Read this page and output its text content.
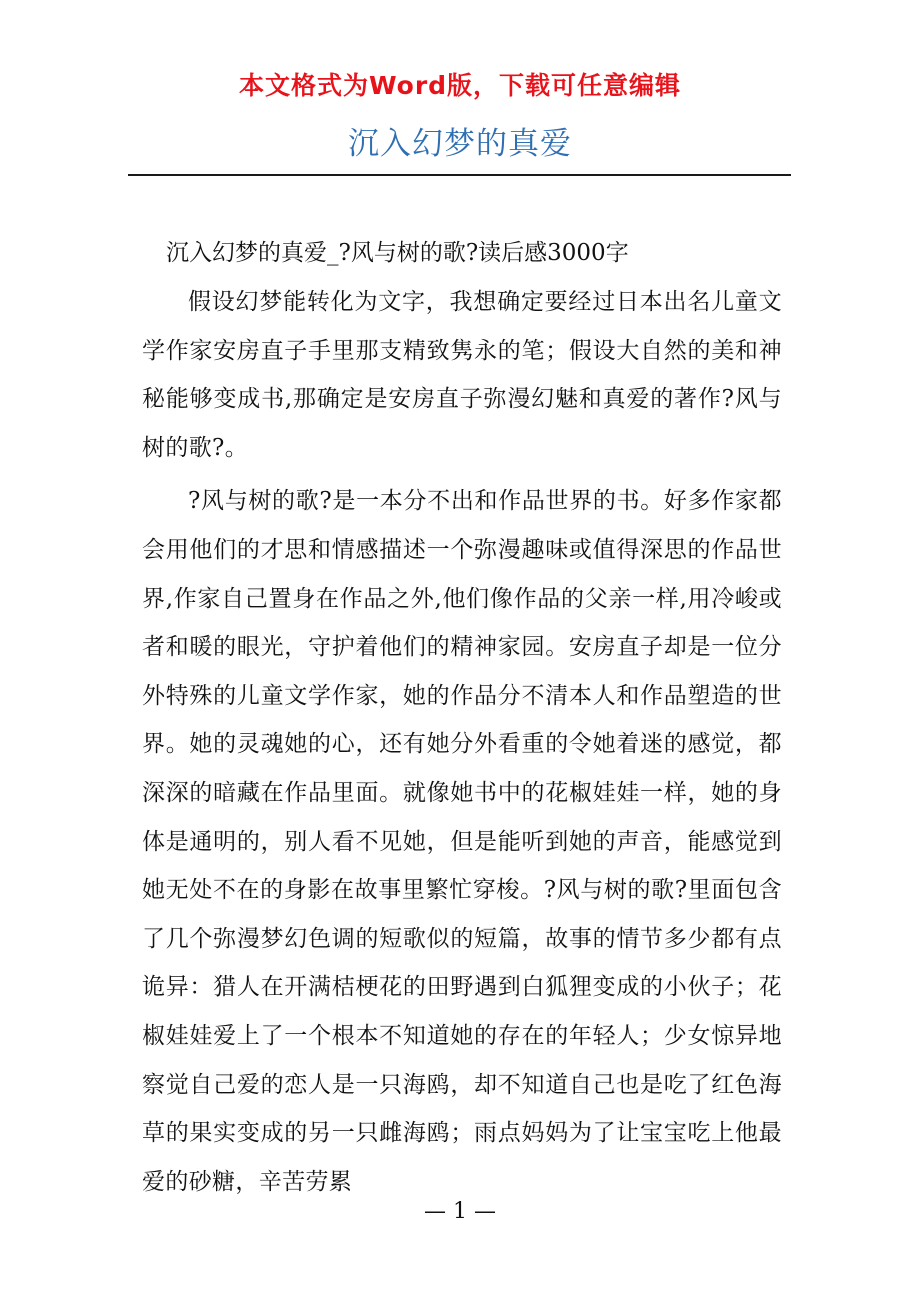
本文格式为Word版，下载可任意编辑
沉入幻梦的真爱

沉入幻梦的真爱_?风与树的歌?读后感3000字

假设幻梦能转化为文字，我想确定要经过日本出名儿童文学作家安房直子手里那支精致隽永的笔；假设大自然的美和神秘能够变成书,那确定是安房直子弥漫幻魅和真爱的著作?风与树的歌?。

?风与树的歌?是一本分不出和作品世界的书。好多作家都会用他们的才思和情感描述一个弥漫趣味或值得深思的作品世界,作家自己置身在作品之外,他们像作品的父亲一样,用冷峻或者和暖的眼光，守护着他们的精神家园。安房直子却是一位分外特殊的儿童文学作家，她的作品分不清本人和作品塑造的世界。她的灵魂她的心，还有她分外看重的令她着迷的感觉，都深深的暗藏在作品里面。就像她书中的花椒娃娃一样，她的身体是通明的，别人看不见她，但是能听到她的声音，能感觉到她无处不在的身影在故事里繁忙穿梭。?风与树的歌?里面包含了几个弥漫梦幻色调的短歌似的短篇，故事的情节多少都有点诡异：猎人在开满桔梗花的田野遇到白狐狸变成的小伙子；花椒娃娃爱上了一个根本不知道她的存在的年轻人；少女惊异地察觉自己爱的恋人是一只海鸥，却不知道自己也是吃了红色海草的果实变成的另一只雌海鸥；雨点妈妈为了让宝宝吃上他最爱的砂糖，辛苦劳累

— 1 —
